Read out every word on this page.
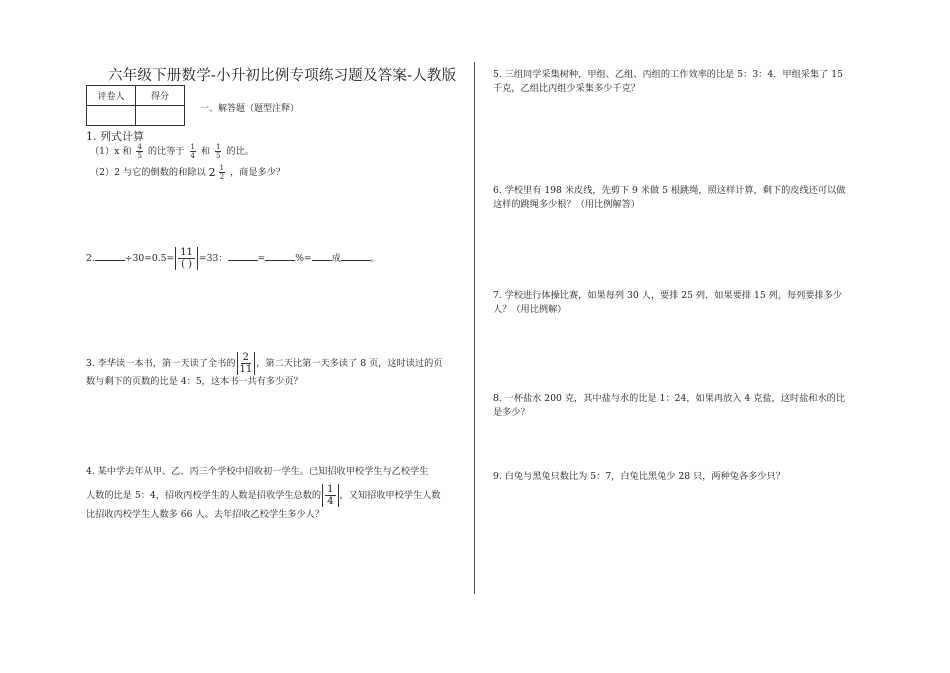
六年级下册数学-小升初比例专项练习题及答案-人教版
评卷人	得分

一、解答题（题型注释）
1. 列式计算
（1）x 和 $\frac{4}{5}$ 的比等于 $\frac{1}{4}$ 和 $\frac{1}{5}$ 的比。
（2）2 与它的倒数的和除以 $2 \frac{1}{2}$ ，商是多少？
2.	÷30=0.5=
11
( )
=33：	=	%= 成	。
3. 李华读一本书，第一天读了全书的 $\frac{2}{11}$ ，第二天比第一天多读了 8 页，这时读过的页
数与剩下的页数的比是 4：5，这本书一共有多少页？
4. 某中学去年从甲、乙、丙三个学校中招收初一学生。已知招收甲校学生与乙校学生
人数的比是 5：4，招收丙校学生的人数是招收学生总数的 $\frac{1}{4}$ ，又知招收甲校学生人数
比招收丙校学生人数多 66 人。去年招收乙校学生多少人？
5. 三组同学采集树种，甲组、乙组、丙组的工作效率的比是 5：3：4．甲组采集了 15
千克，乙组比丙组少采集多少千克？
6. 学校里有 198 米皮线，先剪下 9 米做 5 根跳绳，照这样计算，剩下的皮线还可以做
这样的跳绳多少根？（用比例解答）
7. 学校进行体操比赛，如果每列 30 人，要排 25 列．如果要排 15 列，每列要排多少
人？（用比例解）
8. 一杯盐水 200 克，其中盐与水的比是 1：24，如果再放入 4 克盐，这时盐和水的比
是多少？
9. 白兔与黑兔只数比为 5：7，白兔比黑兔少 28 只，两种兔各多少只？
